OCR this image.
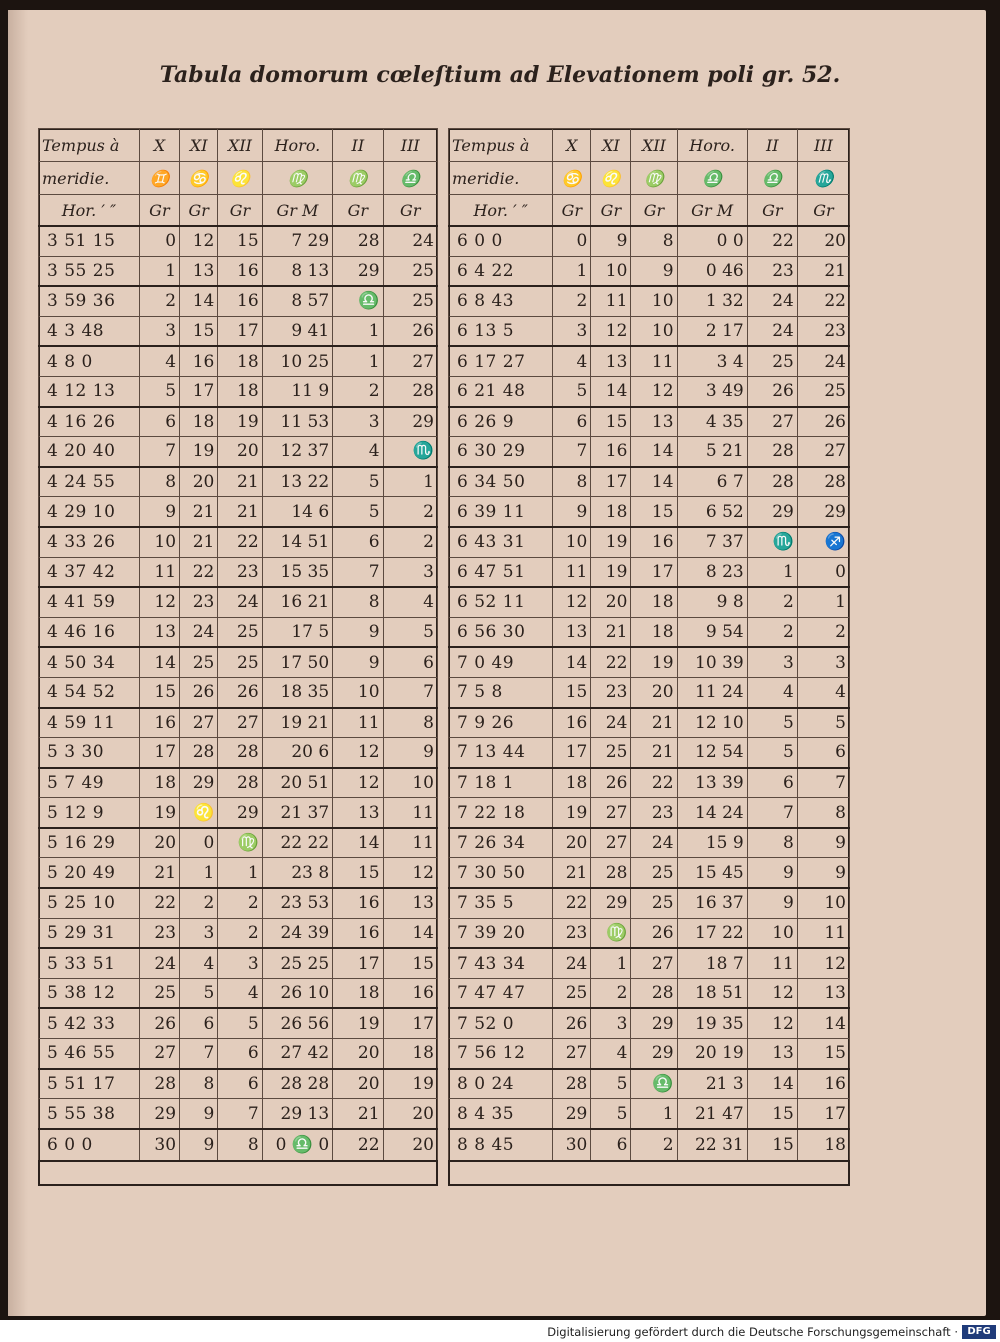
Tabula domorum cœleſtium ad Elevationem poli gr. 52.
Tempus à	X	XI	XII	Horo.	II	III
meridie.	♊	♋	♌	♍	♍	♎
Hor. ′ ″	Gr	Gr	Gr	Gr M	Gr	Gr
3 51 15	0	12	15	7 29	28	24
3 55 25	1	13	16	8 13	29	25
3 59 36	2	14	16	8 57	♎	25
4 3 48	3	15	17	9 41	1	26
4 8 0	4	16	18	10 25	1	27
4 12 13	5	17	18	11 9	2	28
4 16 26	6	18	19	11 53	3	29
4 20 40	7	19	20	12 37	4	♏
4 24 55	8	20	21	13 22	5	1
4 29 10	9	21	21	14 6	5	2
4 33 26	10	21	22	14 51	6	2
4 37 42	11	22	23	15 35	7	3
4 41 59	12	23	24	16 21	8	4
4 46 16	13	24	25	17 5	9	5
4 50 34	14	25	25	17 50	9	6
4 54 52	15	26	26	18 35	10	7
4 59 11	16	27	27	19 21	11	8
5 3 30	17	28	28	20 6	12	9
5 7 49	18	29	28	20 51	12	10
5 12 9	19	♌	29	21 37	13	11
5 16 29	20	0	♍	22 22	14	11
5 20 49	21	1	1	23 8	15	12
5 25 10	22	2	2	23 53	16	13
5 29 31	23	3	2	24 39	16	14
5 33 51	24	4	3	25 25	17	15
5 38 12	25	5	4	26 10	18	16
5 42 33	26	6	5	26 56	19	17
5 46 55	27	7	6	27 42	20	18
5 51 17	28	8	6	28 28	20	19
5 55 38	29	9	7	29 13	21	20
6 0 0	30	9	8	0 ♎ 0	22	20
Tempus à	X	XI	XII	Horo.	II	III
meridie.	♋	♌	♍	♎	♎	♏
Hor. ′ ″	Gr	Gr	Gr	Gr M	Gr	Gr
6 0 0	0	9	8	0 0	22	20
6 4 22	1	10	9	0 46	23	21
6 8 43	2	11	10	1 32	24	22
6 13 5	3	12	10	2 17	24	23
6 17 27	4	13	11	3 4	25	24
6 21 48	5	14	12	3 49	26	25
6 26 9	6	15	13	4 35	27	26
6 30 29	7	16	14	5 21	28	27
6 34 50	8	17	14	6 7	28	28
6 39 11	9	18	15	6 52	29	29
6 43 31	10	19	16	7 37	♏	♐
6 47 51	11	19	17	8 23	1	0
6 52 11	12	20	18	9 8	2	1
6 56 30	13	21	18	9 54	2	2
7 0 49	14	22	19	10 39	3	3
7 5 8	15	23	20	11 24	4	4
7 9 26	16	24	21	12 10	5	5
7 13 44	17	25	21	12 54	5	6
7 18 1	18	26	22	13 39	6	7
7 22 18	19	27	23	14 24	7	8
7 26 34	20	27	24	15 9	8	9
7 30 50	21	28	25	15 45	9	9
7 35 5	22	29	25	16 37	9	10
7 39 20	23	♍	26	17 22	10	11
7 43 34	24	1	27	18 7	11	12
7 47 47	25	2	28	18 51	12	13
7 52 0	26	3	29	19 35	12	14
7 56 12	27	4	29	20 19	13	15
8 0 24	28	5	♎	21 3	14	16
8 4 35	29	5	1	21 47	15	17
8 8 45	30	6	2	22 31	15	18
Digitalisierung gefördert durch die Deutsche Forschungsgemeinschaft · DFG
